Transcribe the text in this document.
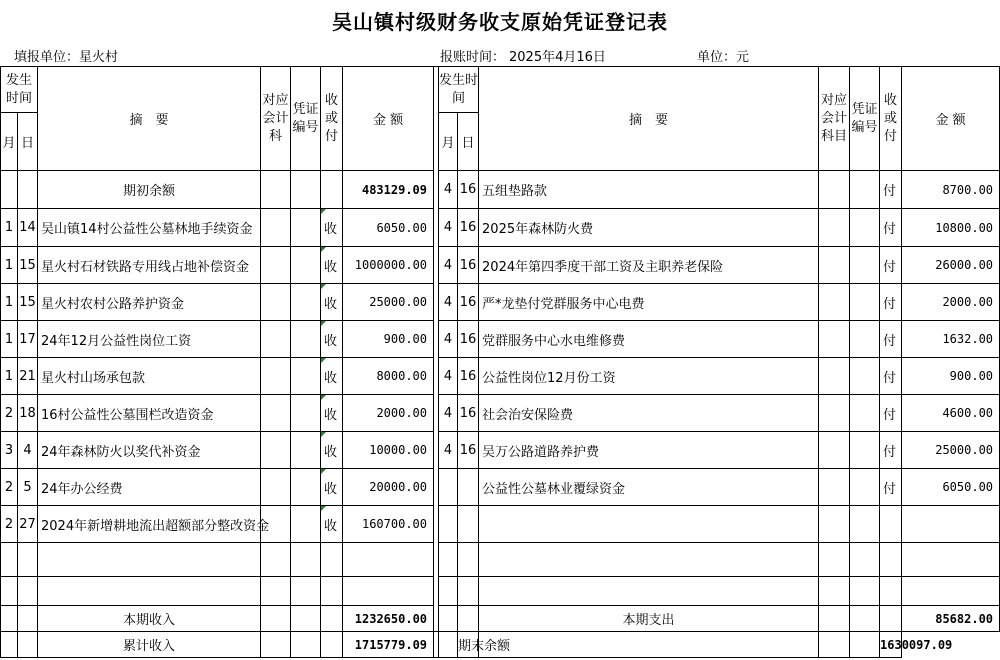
吴山镇村级财务收支原始凭证登记表
填报单位：星火村	报账时间： 2025年4月16日	单位：元
发生时间		摘　要	对应会计科	凭证编号	收或付	金 额		发生时间		摘　要	对应会计科目	凭证编号	收或付	金 额
月	日							月	日					
		期初余额				483129.09		4	16	五组垫路款			付	8700.00
1	14	吴山镇14村公益性公墓林地手续资金			收	6050.00		4	16	2025年森林防火费			付	10800.00
1	15	星火村石材铁路专用线占地补偿资金			收	1000000.00		4	16	2024年第四季度干部工资及主职养老保险			付	26000.00
1	15	星火村农村公路养护资金			收	25000.00		4	16	严*龙垫付党群服务中心电费			付	2000.00
1	17	24年12月公益性岗位工资			收	900.00		4	16	党群服务中心水电维修费			付	1632.00
1	21	星火村山场承包款			收	8000.00		4	16	公益性岗位12月份工资			付	900.00
2	18	16村公益性公墓围栏改造资金			收	2000.00		4	16	社会治安保险费			付	4600.00
3	4	24年森林防火以奖代补资金			收	10000.00		4	16	吴万公路道路养护费			付	25000.00
2	5	24年办公经费			收	20000.00				公益性公墓林业覆绿资金			付	6050.00
2	27	2024年新增耕地流出超额部分整改资金			收	160700.00								

		本期收入				1232650.00				本期支出				85682.00
		累计收入				1715779.09			期末余额				1630097.09	
